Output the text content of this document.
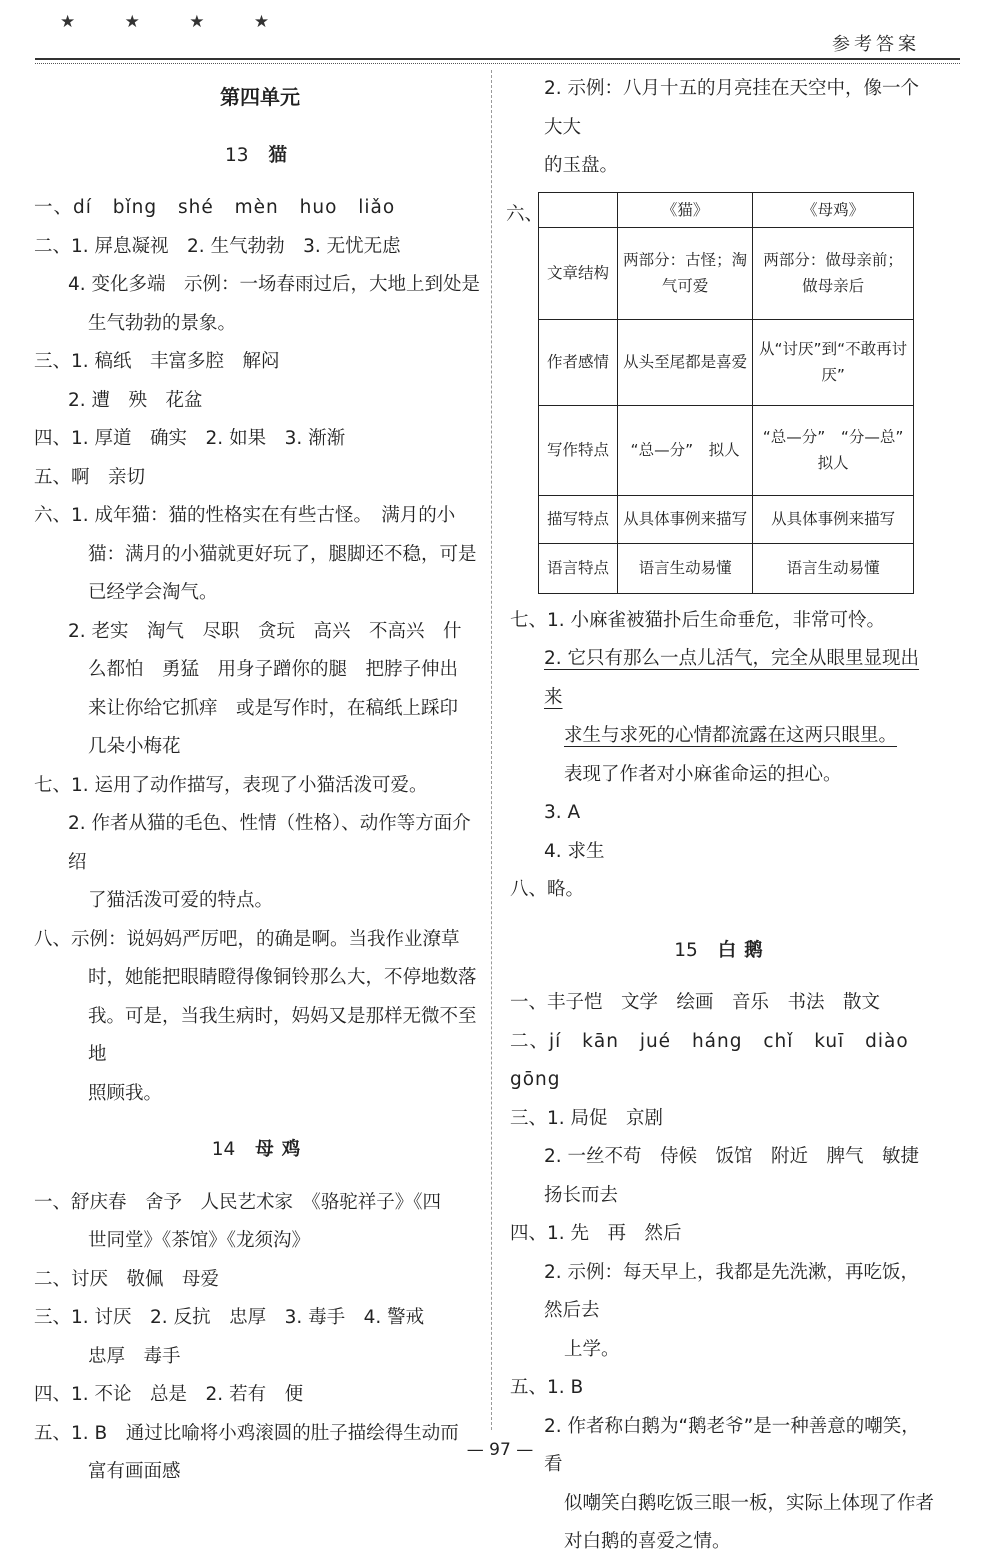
★ ★ ★ ★
参考答案
第四单元
13 猫
一、dí bǐng shé mèn huo liǎo
二、1. 屏息凝视　2. 生气勃勃　3. 无忧无虑
4. 变化多端　示例：一场春雨过后，大地上到处是
生气勃勃的景象。
三、1. 稿纸　丰富多腔　解闷
2. 遭　殃　花盆
四、1. 厚道　确实　2. 如果　3. 渐渐
五、啊　亲切
六、1. 成年猫：猫的性格实在有些古怪。　满月的小
猫：满月的小猫就更好玩了，腿脚还不稳，可是
已经学会淘气。
2. 老实　淘气　尽职　贪玩　高兴　不高兴　什
么都怕　勇猛　用身子蹭你的腿　把脖子伸出
来让你给它抓痒　或是写作时，在稿纸上踩印
几朵小梅花
七、1. 运用了动作描写，表现了小猫活泼可爱。
2. 作者从猫的毛色、性情（性格）、动作等方面介绍
了猫活泼可爱的特点。
八、示例：说妈妈严厉吧，的确是啊。当我作业潦草
时，她能把眼睛瞪得像铜铃那么大，不停地数落
我。可是，当我生病时，妈妈又是那样无微不至地
照顾我。
14 母鸡
一、舒庆春　舍予　人民艺术家　《骆驼祥子》《四
世同堂》《茶馆》《龙须沟》
二、讨厌　敬佩　母爱
三、1. 讨厌　2. 反抗　忠厚　3. 毒手　4. 警戒
忠厚　毒手
四、1. 不论　总是　2. 若有　便
五、1. B　通过比喻将小鸡滚圆的肚子描绘得生动而
富有画面感
2. 示例：八月十五的月亮挂在天空中，像一个大大
的玉盘。
六、
		《猫》	《母鸡》
文章结构	两部分：古怪；淘气可爱	两部分：做母亲前；做母亲后
作者感情	从头至尾都是喜爱	从“讨厌”到“不敢再讨厌”
写作特点	“总—分”　拟人	“总—分”　“分—总”　拟人
描写特点	从具体事例来描写	从具体事例来描写
语言特点	语言生动易懂	语言生动易懂
七、1. 小麻雀被猫扑后生命垂危，非常可怜。
2. 它只有那么一点儿活气，完全从眼里显现出来
求生与求死的心情都流露在这两只眼里。
表现了作者对小麻雀命运的担心。
3. A
4. 求生
八、略。
15 白鹅
一、丰子恺　文学　绘画　音乐　书法　散文
二、jí kān jué háng chǐ kuī diào gōng
三、1. 局促　京剧
2. 一丝不苟　侍候　饭馆　附近　脾气　敏捷
扬长而去
四、1. 先　再　然后
2. 示例：每天早上，我都是先洗漱，再吃饭，然后去
上学。
五、1. B
2. 作者称白鹅为“鹅老爷”是一种善意的嘲笑，看
似嘲笑白鹅吃饭三眼一板，实际上体现了作者
对白鹅的喜爱之情。
— 97 —
